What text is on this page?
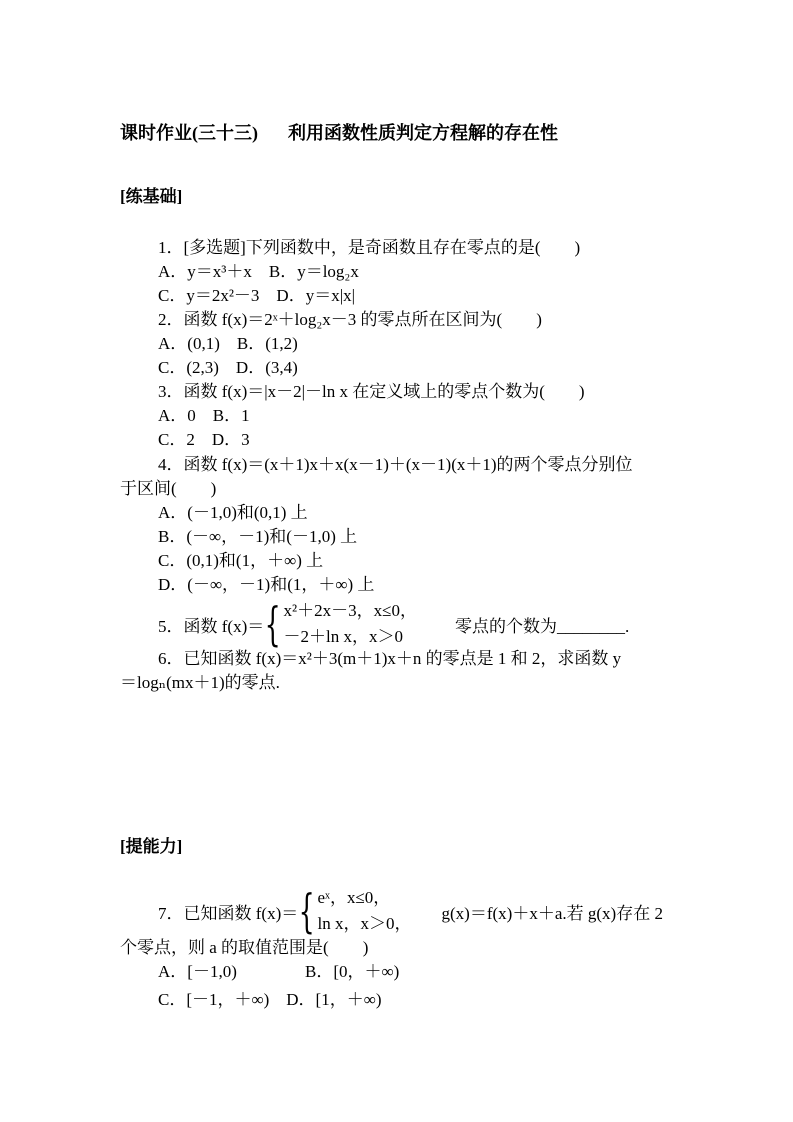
课时作业(三十三) 利用函数性质判定方程解的存在性
[练基础]
1．[多选题]下列函数中，是奇函数且存在零点的是(　　)
A．y＝x³＋x　B．y＝log₂x
C．y＝2x²－3　D．y＝x|x|
2．函数 f(x)＝2ˣ＋log₂x－3 的零点所在区间为(　　)
A．(0,1)　B．(1,2)
C．(2,3)　D．(3,4)
3．函数 f(x)＝|x－2|－ln x 在定义域上的零点个数为(　　)
A．0　B．1
C．2　D．3
4．函数 f(x)＝(x＋1)x＋x(x－1)＋(x－1)(x＋1)的两个零点分别位
于区间(　　)
A．(－1,0)和(0,1) 上
B．(－∞，－1)和(－1,0) 上
C．(0,1)和(1，＋∞) 上
D．(－∞，－1)和(1，＋∞) 上
5．函数 f(x)＝ { x²＋2x－3，x≤0，
－2＋ln x，x＞0
零点的个数为________.
6．已知函数 f(x)＝x²＋3(m＋1)x＋n 的零点是 1 和 2，求函数 y
＝logₙ(mx＋1)的零点.
[提能力]
7．已知函数 f(x)＝ { eˣ，x≤0，
ln x，x＞0，
g(x)＝f(x)＋x＋a.若 g(x)存在 2
个零点，则 a 的取值范围是(　　)
A．[－1,0)	B．[0，＋∞)
C．[－1，＋∞)　D．[1，＋∞)
